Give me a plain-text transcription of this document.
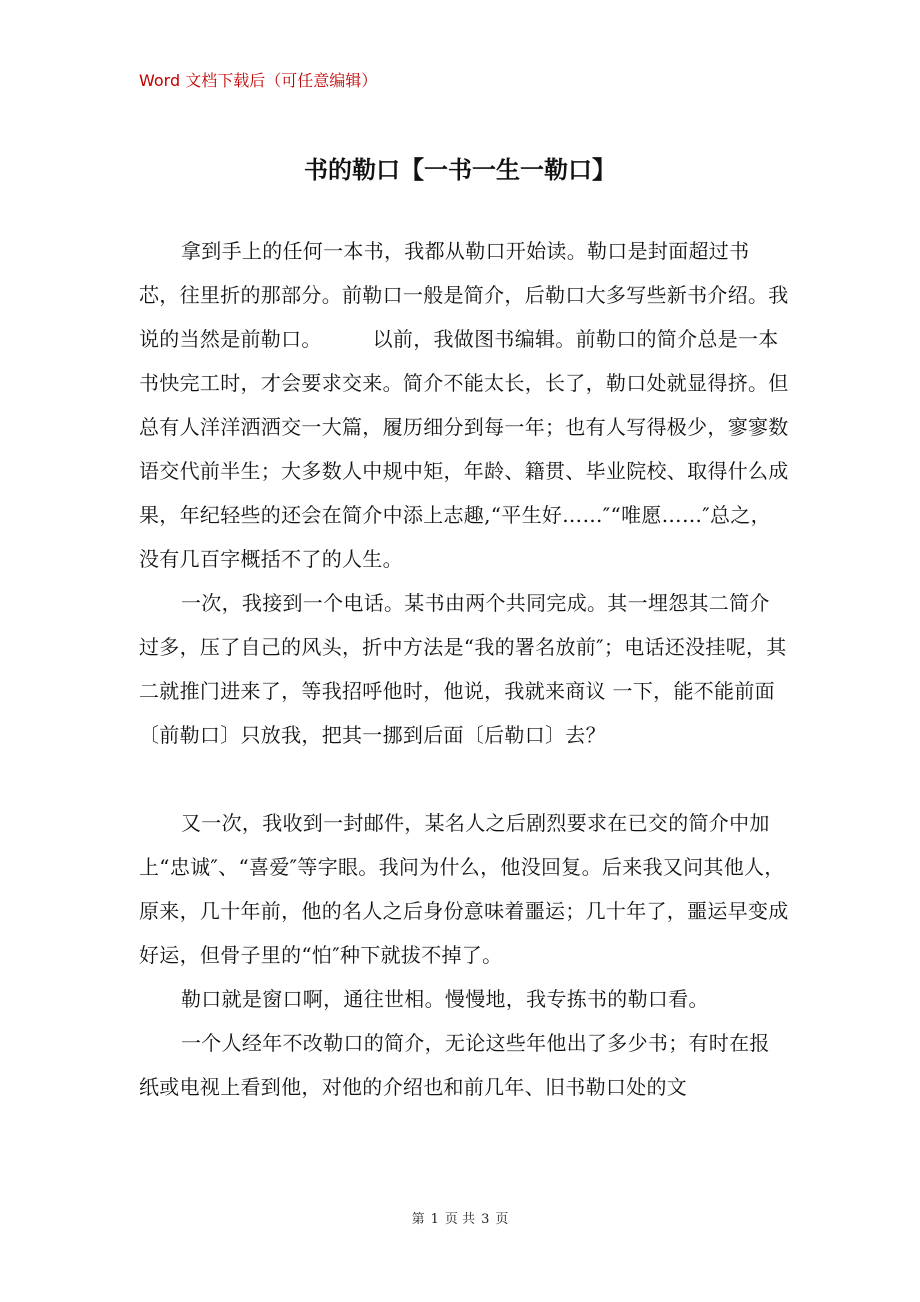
Word 文档下载后（可任意编辑）
书的勒口【一书一生一勒口】

拿到手上的任何一本书，我都从勒口开始读。勒口是封面超过书芯，往里折的那部分。前勒口一般是简介，后勒口大多写些新书介绍。我说的当然是前勒口。　　　以前，我做图书编辑。前勒口的简介总是一本书快完工时，才会要求交来。简介不能太长，长了，勒口处就显得挤。但总有人洋洋洒洒交一大篇，履历细分到每一年；也有人写得极少，寥寥数语交代前半生；大多数人中规中矩，年龄、籍贯、毕业院校、取得什么成果，年纪轻些的还会在简介中添上志趣,“平生好……″“唯愿……″总之，没有几百字概括不了的人生。

一次，我接到一个电话。某书由两个共同完成。其一埋怨其二简介过多，压了自己的风头，折中方法是“我的署名放前″；电话还没挂呢，其二就推门进来了，等我招呼他时，他说，我就来商议 一下，能不能前面〔前勒口〕只放我，把其一挪到后面〔后勒口〕去？

又一次，我收到一封邮件，某名人之后剧烈要求在已交的简介中加上“忠诚″、“喜爱″等字眼。我问为什么，他没回复。后来我又问其他人，原来，几十年前，他的名人之后身份意味着噩运；几十年了，噩运早变成好运，但骨子里的“怕″种下就拔不掉了。

勒口就是窗口啊，通往世相。慢慢地，我专拣书的勒口看。

一个人经年不改勒口的简介，无论这些年他出了多少书；有时在报纸或电视上看到他，对他的介绍也和前几年、旧书勒口处的文

第 1 页 共 3 页
